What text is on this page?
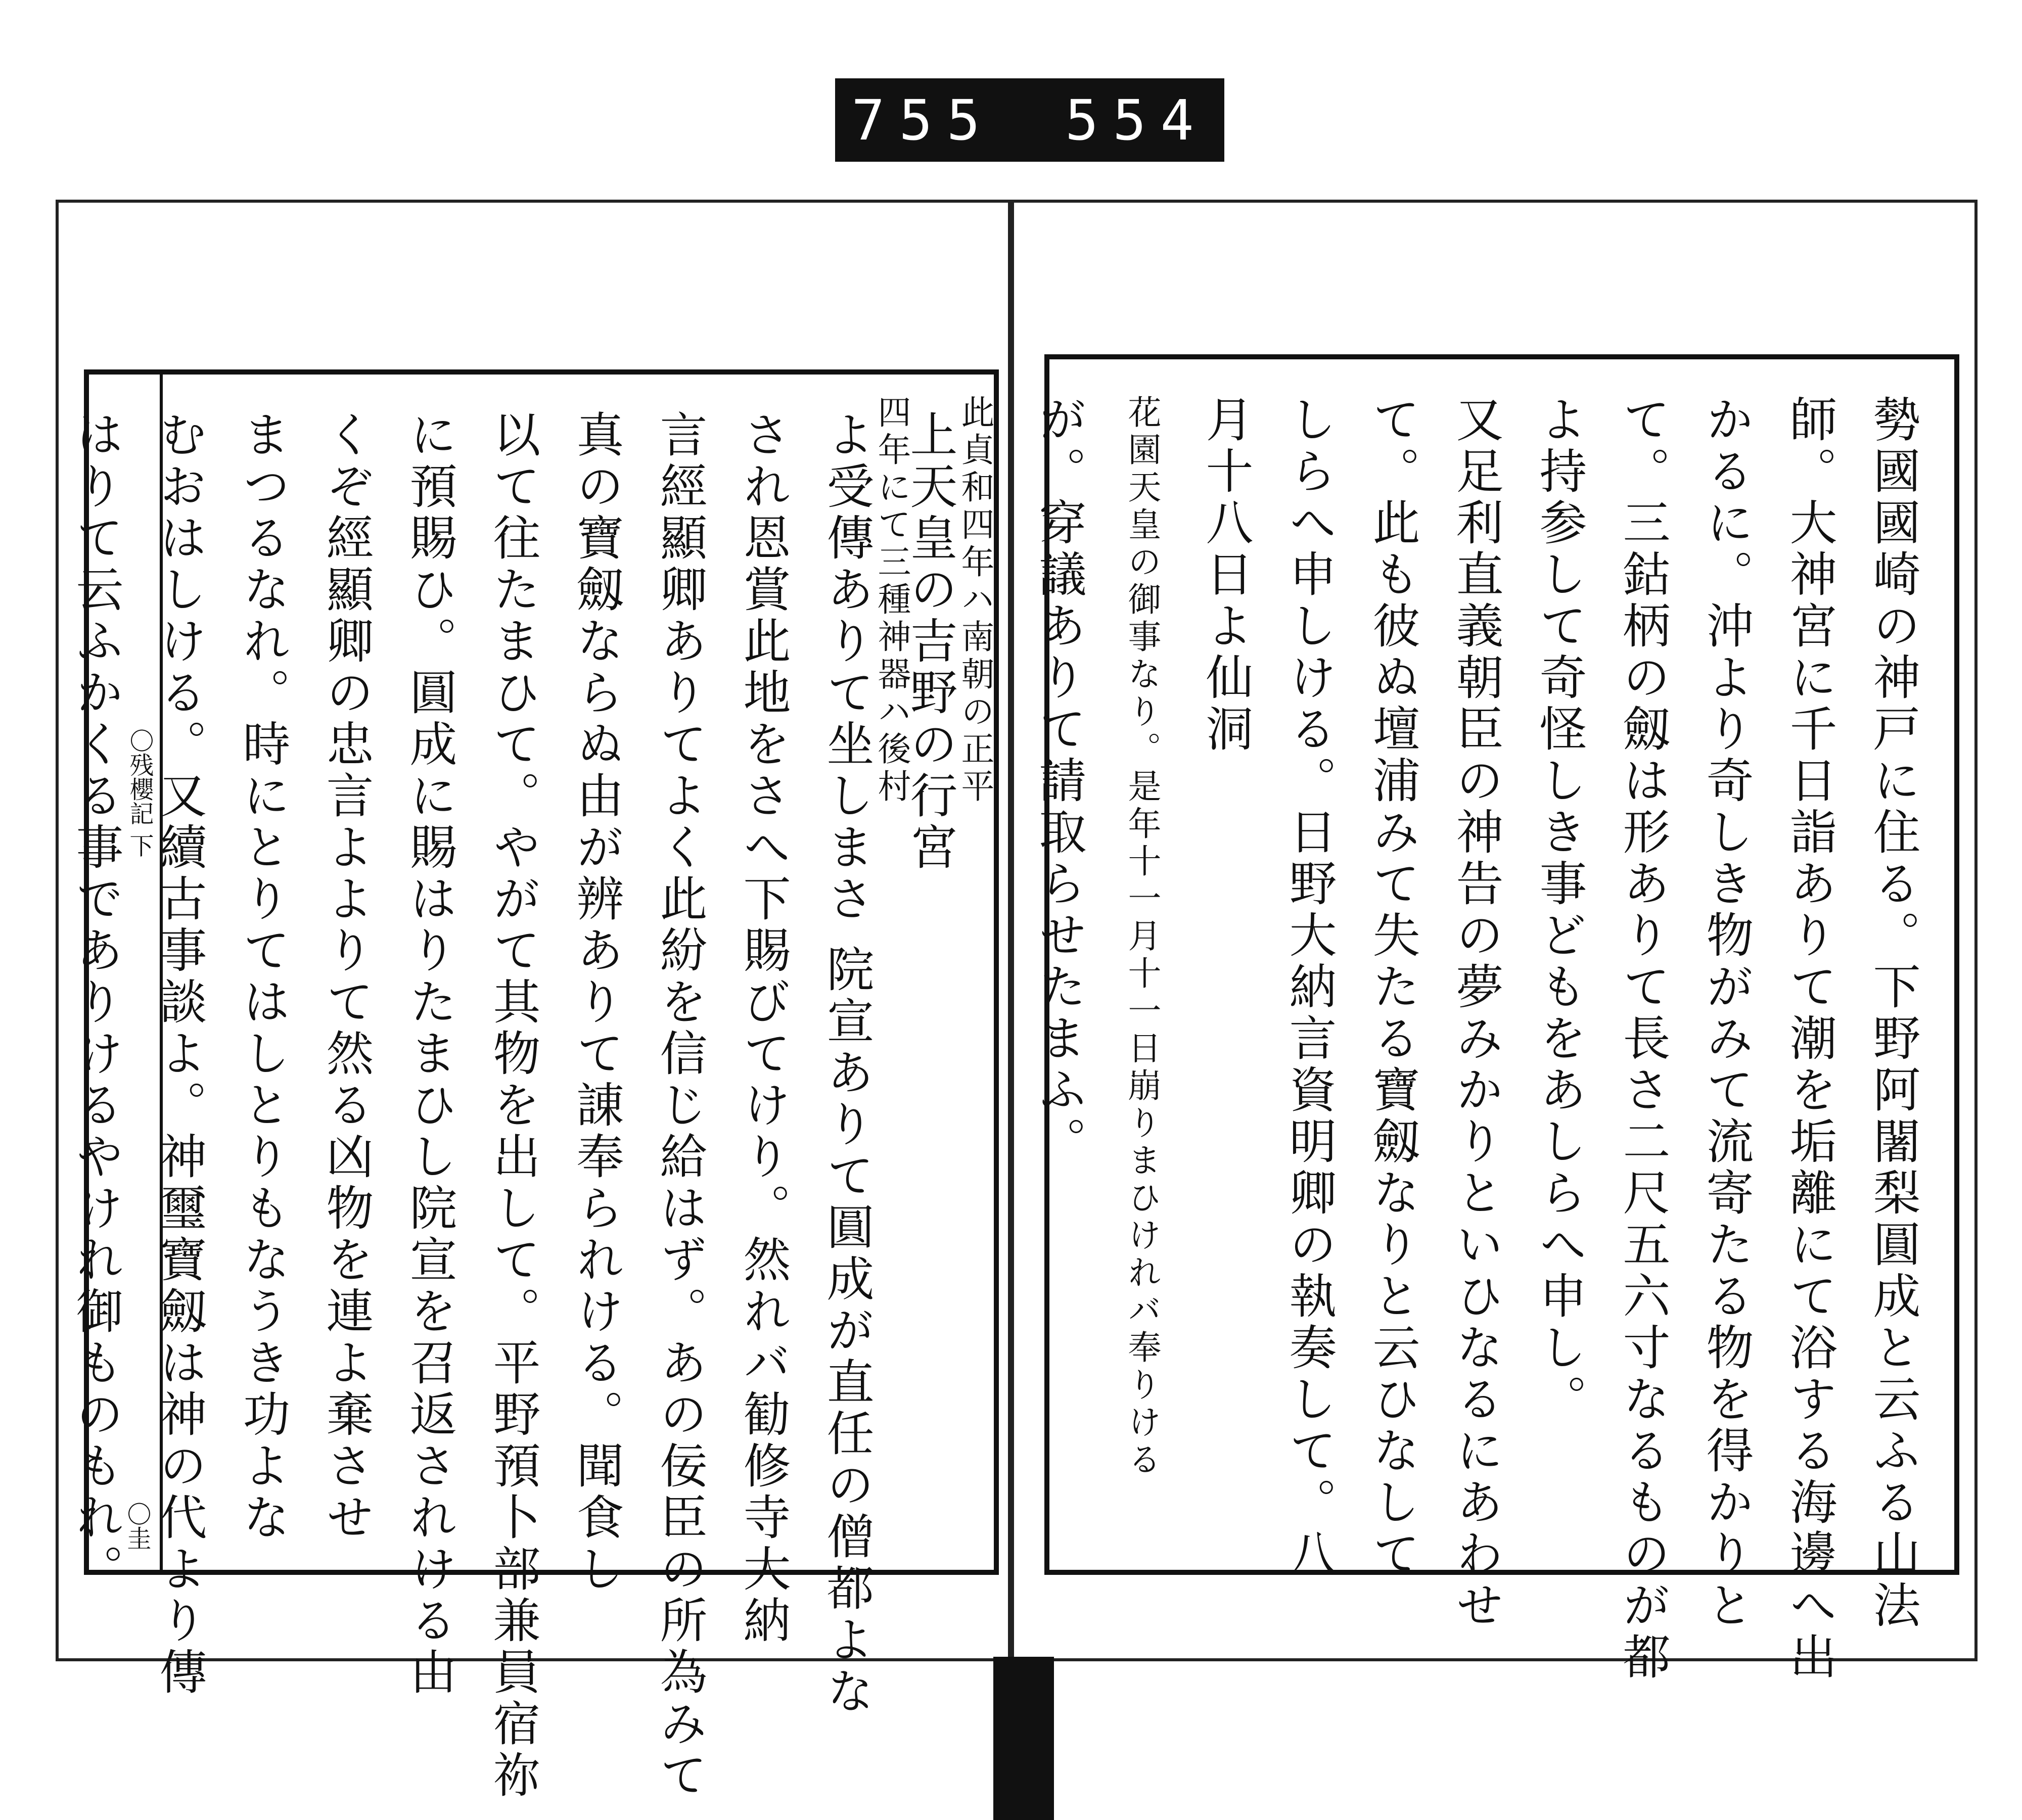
755 554
〇残櫻記 下
〇圭
上天皇の吉野の行宮
よ受傳ありて坐しまさ 院宣ありて圓成が直任の僧都よな
され恩賞此地をさへ下賜びてけり。然れバ勧修寺大納
言經顯卿ありてよく此紛を信じ給はず。あの佞臣の所為みて
真の寶劔ならぬ由が辨ありて諌奉られける。聞食し
以て往たまひて。やがて其物を出して。平野預卜部兼員宿祢
に預賜ひ。圓成に賜はりたまひし院宣を召返されける由
くぞ經顯卿の忠言よよりて然る凶物を連よ棄させ
まつるなれ。時にとりてはしとりもなうき功よな
むおはしける。又續古事談よ。神璽寶劔は神の代より傳
はりて云ふかくる事でありけるやけれ御ものもれ。	勢國國崎の神戸に住る。下野阿闍梨圓成と云ふる山法
師。大神宮に千日詣ありて潮を垢離にて浴する海邊へ出
かるに。沖より奇しき物がみて流寄たる物を得かりと
て。三鈷柄の劔は形ありて長さ二尺五六寸なるものが都
よ持参して奇怪しき事どもをあしらへ申し。
又足利直義朝臣の神告の夢みかりといひなるにあわせ
て。此も彼ぬ壇浦みて失たる寶劔なりと云ひなして
しらへ申しける。日野大納言資明卿の執奏して。八
月十八日よ仙洞
花園天皇の御事なり。是年十一月十一日崩りまひけれバ奉りける
が。穿議ありて請取らせたまふ。
此貞和四年ハ南朝の正平
四年にて三種神器ハ後村
